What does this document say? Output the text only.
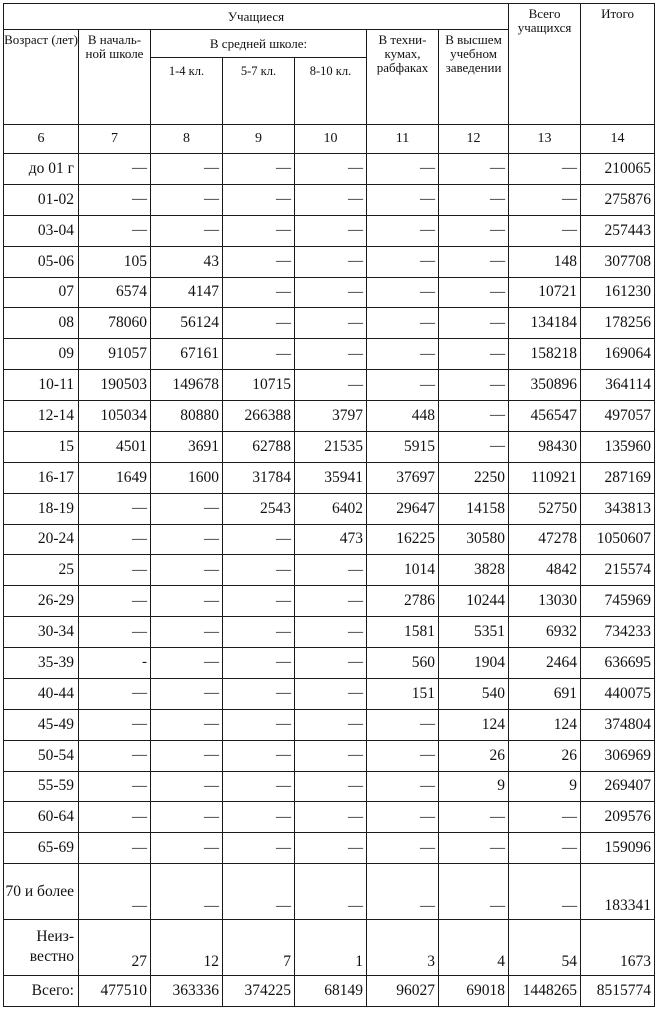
Учащиеся							Всего учащихся	Итого
Возраст (лет)	В началь- ной школе	В средней школе:			В техни- кумах, рабфаках	В высшем учебном заведении		
		1-4 кл.	5-7 кл.	8-10 кл.				
6	7	8	9	10	11	12	13	14
до 01 г	—	—	—	—	—	—	—	210065
01-02	—	—	—	—	—	—	—	275876
03-04	—	—	—	—	—	—	—	257443
05-06	105	43	—	—	—	—	148	307708
07	6574	4147	—	—	—	—	10721	161230
08	78060	56124	—	—	—	—	134184	178256
09	91057	67161	—	—	—	—	158218	169064
10-11	190503	149678	10715	—	—	—	350896	364114
12-14	105034	80880	266388	3797	448	—	456547	497057
15	4501	3691	62788	21535	5915	—	98430	135960
16-17	1649	1600	31784	35941	37697	2250	110921	287169
18-19	—	—	2543	6402	29647	14158	52750	343813
20-24	—	—	—	473	16225	30580	47278	1050607
25	—	—	—	—	1014	3828	4842	215574
26-29	—	—	—	—	2786	10244	13030	745969
30-34	—	—	—	—	1581	5351	6932	734233
35-39	-	—	—	—	560	1904	2464	636695
40-44	—	—	—	—	151	540	691	440075
45-49	—	—	—	—	—	124	124	374804
50-54	—	—	—	—	—	26	26	306969
55-59	—	—	—	—	—	9	9	269407
60-64	—	—	—	—	—	—	—	209576
65-69	—	—	—	—	—	—	—	159096
70 и более	—	—	—	—	—	—	—	183341
Неиз- вестно	27	12	7	1	3	4	54	1673
Всего:	477510	363336	374225	68149	96027	69018	1448265	8515774
